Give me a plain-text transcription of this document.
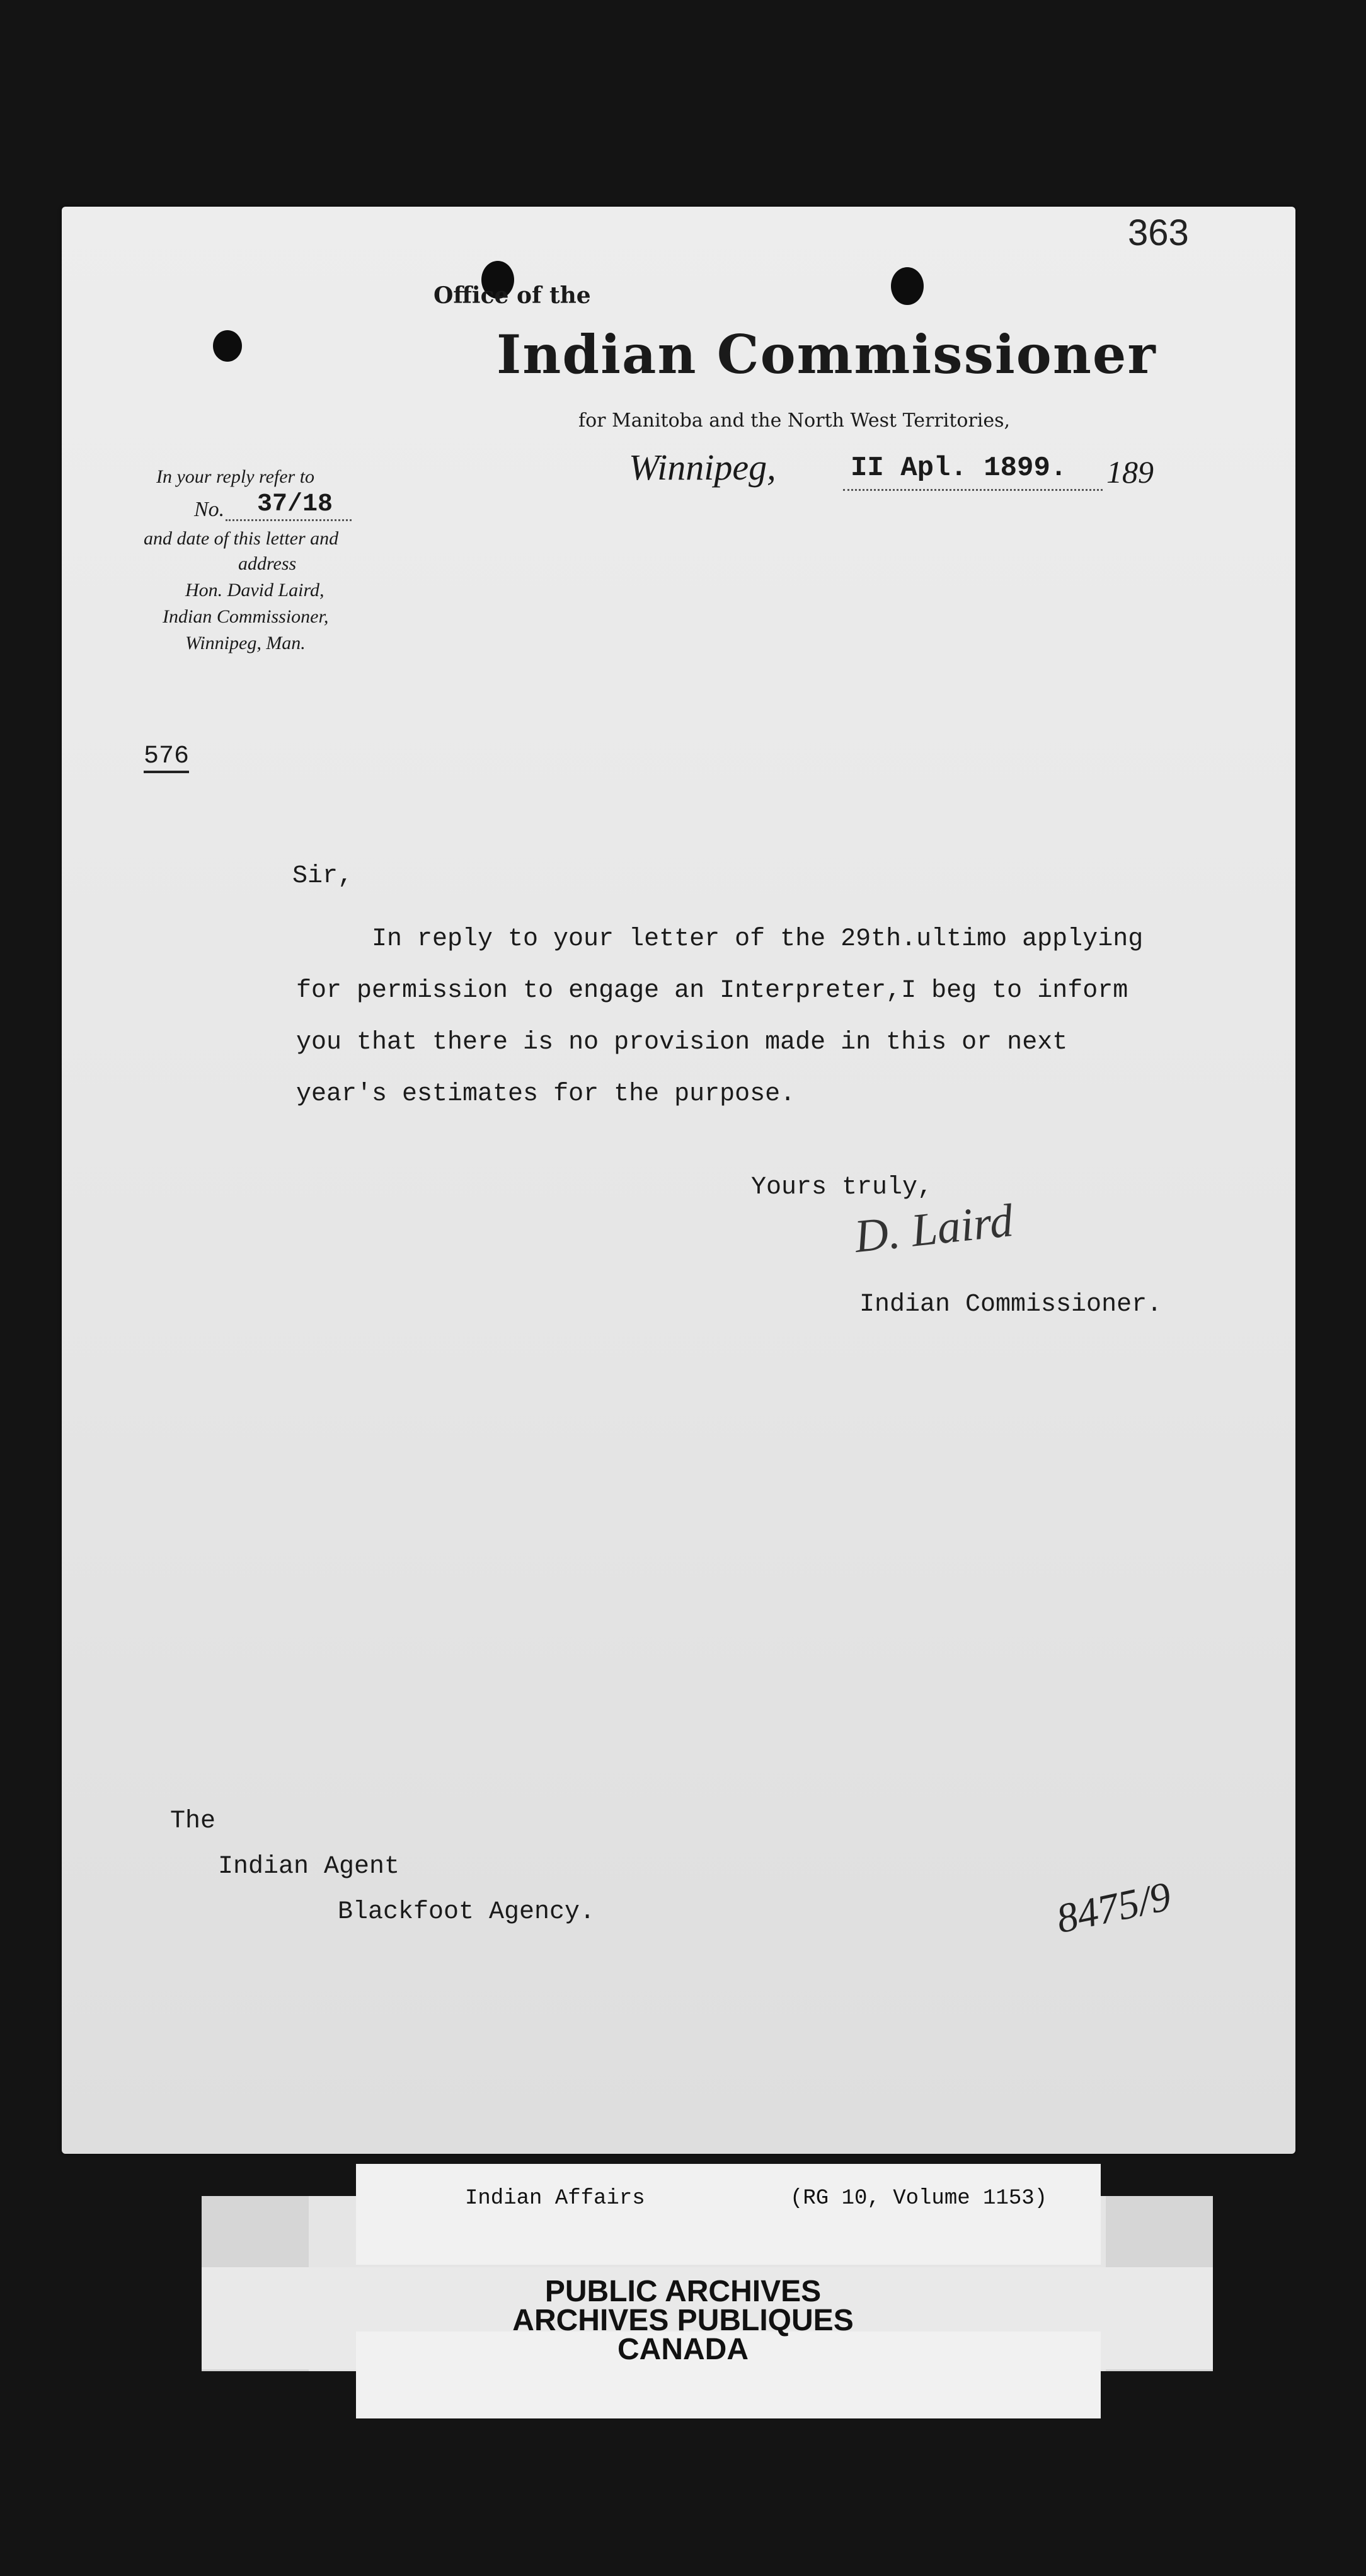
363
Office of the
Indian Commissioner
for Manitoba and the North West Territories,
Winnipeg,	II Apl. 1899. 189
In your reply refer to
No. 37/18
and date of this letter and
address
Hon. David Laird,
Indian Commissioner,
Winnipeg, Man.
576
Sir,
In reply to your letter of the 29th.ultimo applying
for permission to engage an Interpreter,I beg to inform
you that there is no provision made in this or next
year's estimates for the purpose.
Yours truly,
D. Laird
Indian Commissioner.
The
Indian Agent
Blackfoot Agency.	8475/9
Indian Affairs	(RG 10, Volume 1153)
PUBLIC ARCHIVES
ARCHIVES PUBLIQUES
CANADA
